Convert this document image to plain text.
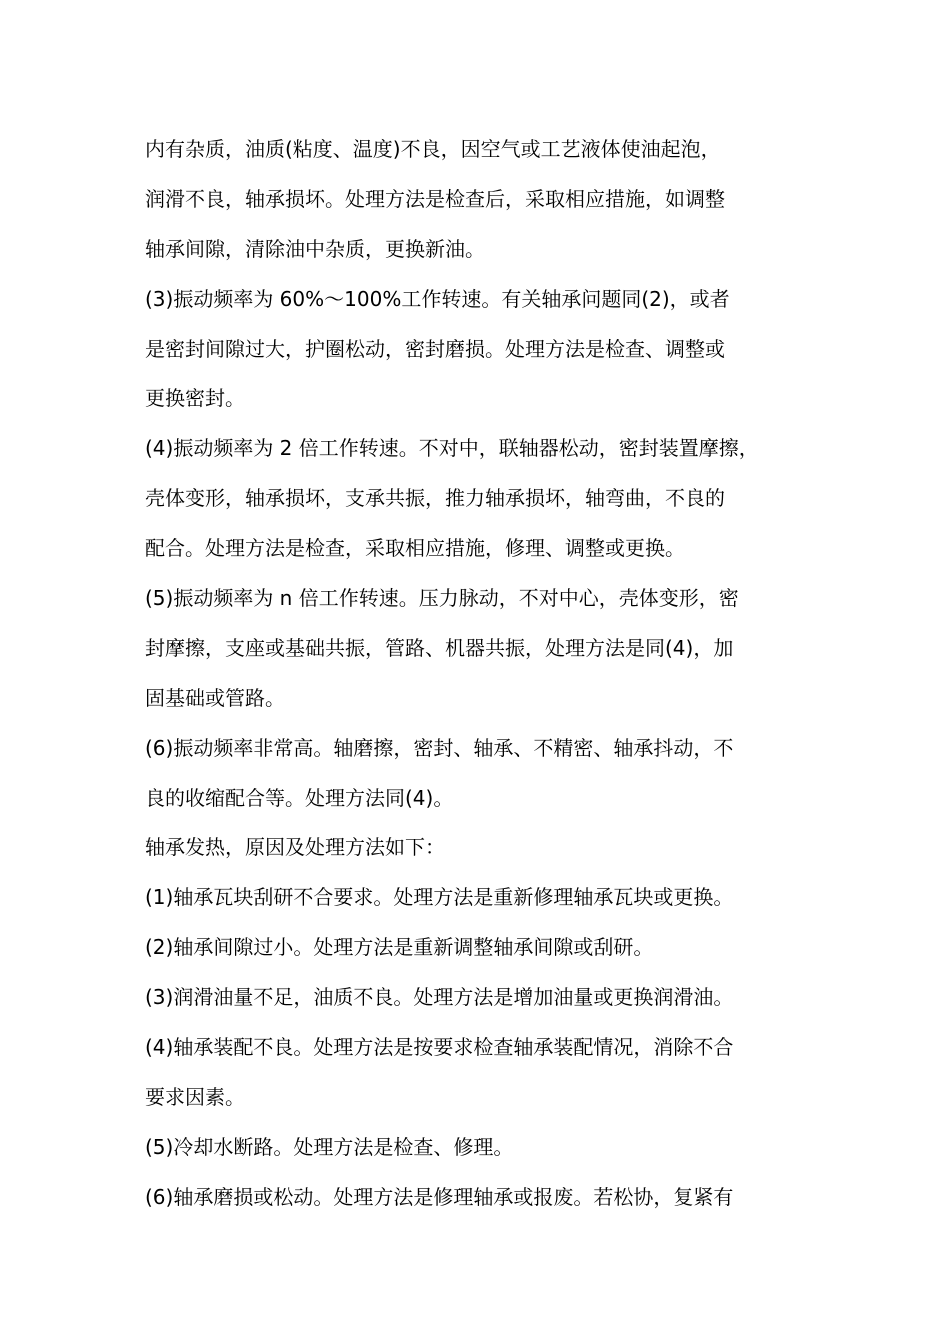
内有杂质，油质(粘度、温度)不良，因空气或工艺液体使油起泡，
润滑不良，轴承损坏。处理方法是检查后，采取相应措施，如调整
轴承间隙，清除油中杂质，更换新油。
(3)振动频率为 60%～100%工作转速。有关轴承问题同(2)，或者
是密封间隙过大，护圈松动，密封磨损。处理方法是检查、调整或
更换密封。
(4)振动频率为 2 倍工作转速。不对中，联轴器松动，密封装置摩擦，
壳体变形，轴承损坏，支承共振，推力轴承损坏，轴弯曲，不良的
配合。处理方法是检查，采取相应措施，修理、调整或更换。
(5)振动频率为 n 倍工作转速。压力脉动，不对中心，壳体变形，密
封摩擦，支座或基础共振，管路、机器共振，处理方法是同(4)，加
固基础或管路。
(6)振动频率非常高。轴磨擦，密封、轴承、不精密、轴承抖动，不
良的收缩配合等。处理方法同(4)。
轴承发热，原因及处理方法如下：
(1)轴承瓦块刮研不合要求。处理方法是重新修理轴承瓦块或更换。
(2)轴承间隙过小。处理方法是重新调整轴承间隙或刮研。
(3)润滑油量不足，油质不良。处理方法是增加油量或更换润滑油。
(4)轴承装配不良。处理方法是按要求检查轴承装配情况，消除不合
要求因素。
(5)冷却水断路。处理方法是检查、修理。
(6)轴承磨损或松动。处理方法是修理轴承或报废。若松协，复紧有
